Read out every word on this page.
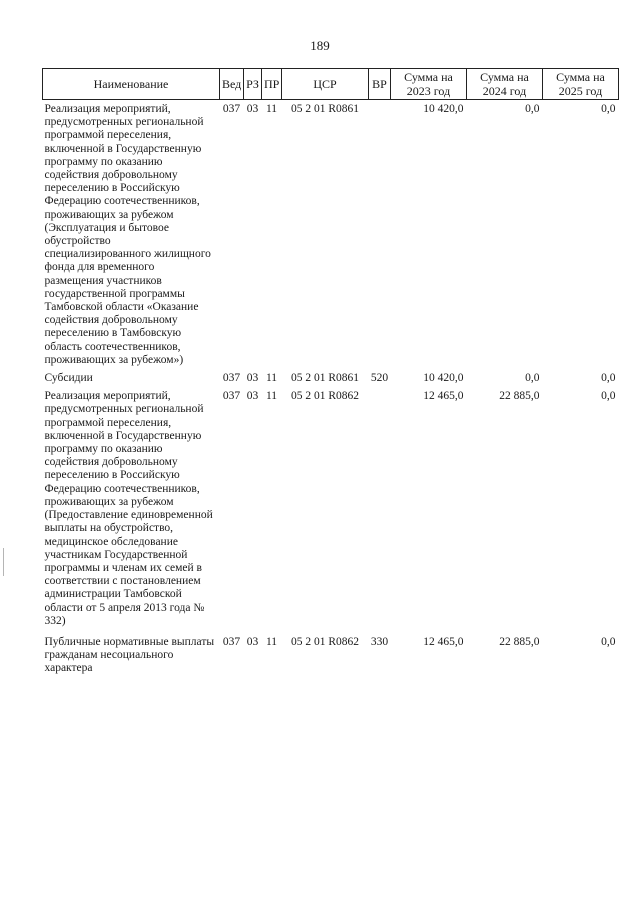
189
Наименование	Вед	РЗ	ПР	ЦСР	ВР	Сумма на 2023 год	Сумма на 2024 год	Сумма на 2025 год
Реализация мероприятий, предусмотренных региональной программой переселения, включенной в Государственную программу по оказанию содействия добровольному переселению в Российскую Федерацию соотечественников, проживающих за рубежом (Эксплуатация и бытовое обустройство специализированного жилищного фонда для временного размещения участников государственной программы Тамбовской области «Оказание содействия добровольному переселению в Тамбовскую область соотечественников, проживающих за рубежом»)	037	03	11	05 2 01 R0861		10 420,0	0,0	0,0
Субсидии	037	03	11	05 2 01 R0861	520	10 420,0	0,0	0,0
Реализация мероприятий, предусмотренных региональной программой переселения, включенной в Государственную программу по оказанию содействия добровольному переселению в Российскую Федерацию соотечественников, проживающих за рубежом (Предоставление единовременной выплаты на обустройство, медицинское обследование участникам Государственной программы и членам их семей в соответствии с постановлением администрации Тамбовской области от 5 апреля 2013 года № 332)	037	03	11	05 2 01 R0862		12 465,0	22 885,0	0,0
Публичные нормативные выплаты гражданам несоциального характера	037	03	11	05 2 01 R0862	330	12 465,0	22 885,0	0,0
